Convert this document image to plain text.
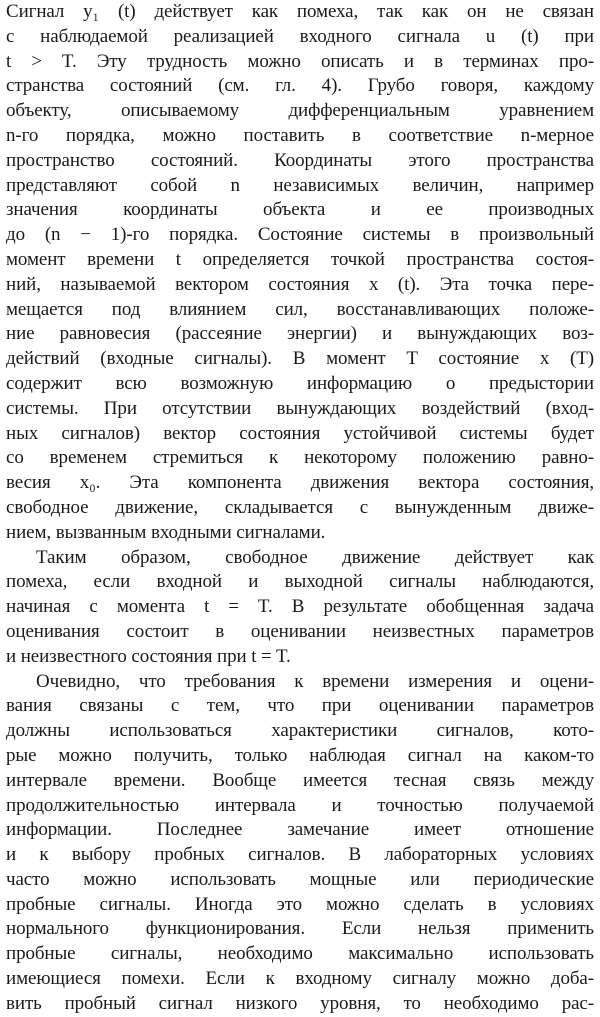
Сигнал y₁ (t) действует как помеха, так как он не связан
с наблюдаемой реализацией входного сигнала u (t) при
t > T. Эту трудность можно описать и в терминах про-
странства состояний (см. гл. 4). Грубо говоря, каждому
объекту, описываемому дифференциальным уравнением
n-го порядка, можно поставить в соответствие n-мерное
пространство состояний. Координаты этого пространства
представляют собой n независимых величин, например
значения координаты объекта и ее производных
до (n − 1)-го порядка. Состояние системы в произвольный
момент времени t определяется точкой пространства состоя-
ний, называемой вектором состояния x (t). Эта точка пере-
мещается под влиянием сил, восстанавливающих положе-
ние равновесия (рассеяние энергии) и вынуждающих воз-
действий (входные сигналы). В момент T состояние x (T)
содержит всю возможную информацию о предыстории
системы. При отсутствии вынуждающих воздействий (вход-
ных сигналов) вектор состояния устойчивой системы будет
со временем стремиться к некоторому положению равно-
весия x₀. Эта компонента движения вектора состояния,
свободное движение, складывается с вынужденным движе-
нием, вызванным входными сигналами.
Таким образом, свободное движение действует как
помеха, если входной и выходной сигналы наблюдаются,
начиная с момента t = T. В результате обобщенная задача
оценивания состоит в оценивании неизвестных параметров
и неизвестного состояния при t = T.
Очевидно, что требования к времени измерения и оцени-
вания связаны с тем, что при оценивании параметров
должны использоваться характеристики сигналов, кото-
рые можно получить, только наблюдая сигнал на каком-то
интервале времени. Вообще имеется тесная связь между
продолжительностью интервала и точностью получаемой
информации. Последнее замечание имеет отношение
и к выбору пробных сигналов. В лабораторных условиях
часто можно использовать мощные или периодические
пробные сигналы. Иногда это можно сделать в условиях
нормального функционирования. Если нельзя применить
пробные сигналы, необходимо максимально использовать
имеющиеся помехи. Если к входному сигналу можно доба-
вить пробный сигнал низкого уровня, то необходимо рас-
